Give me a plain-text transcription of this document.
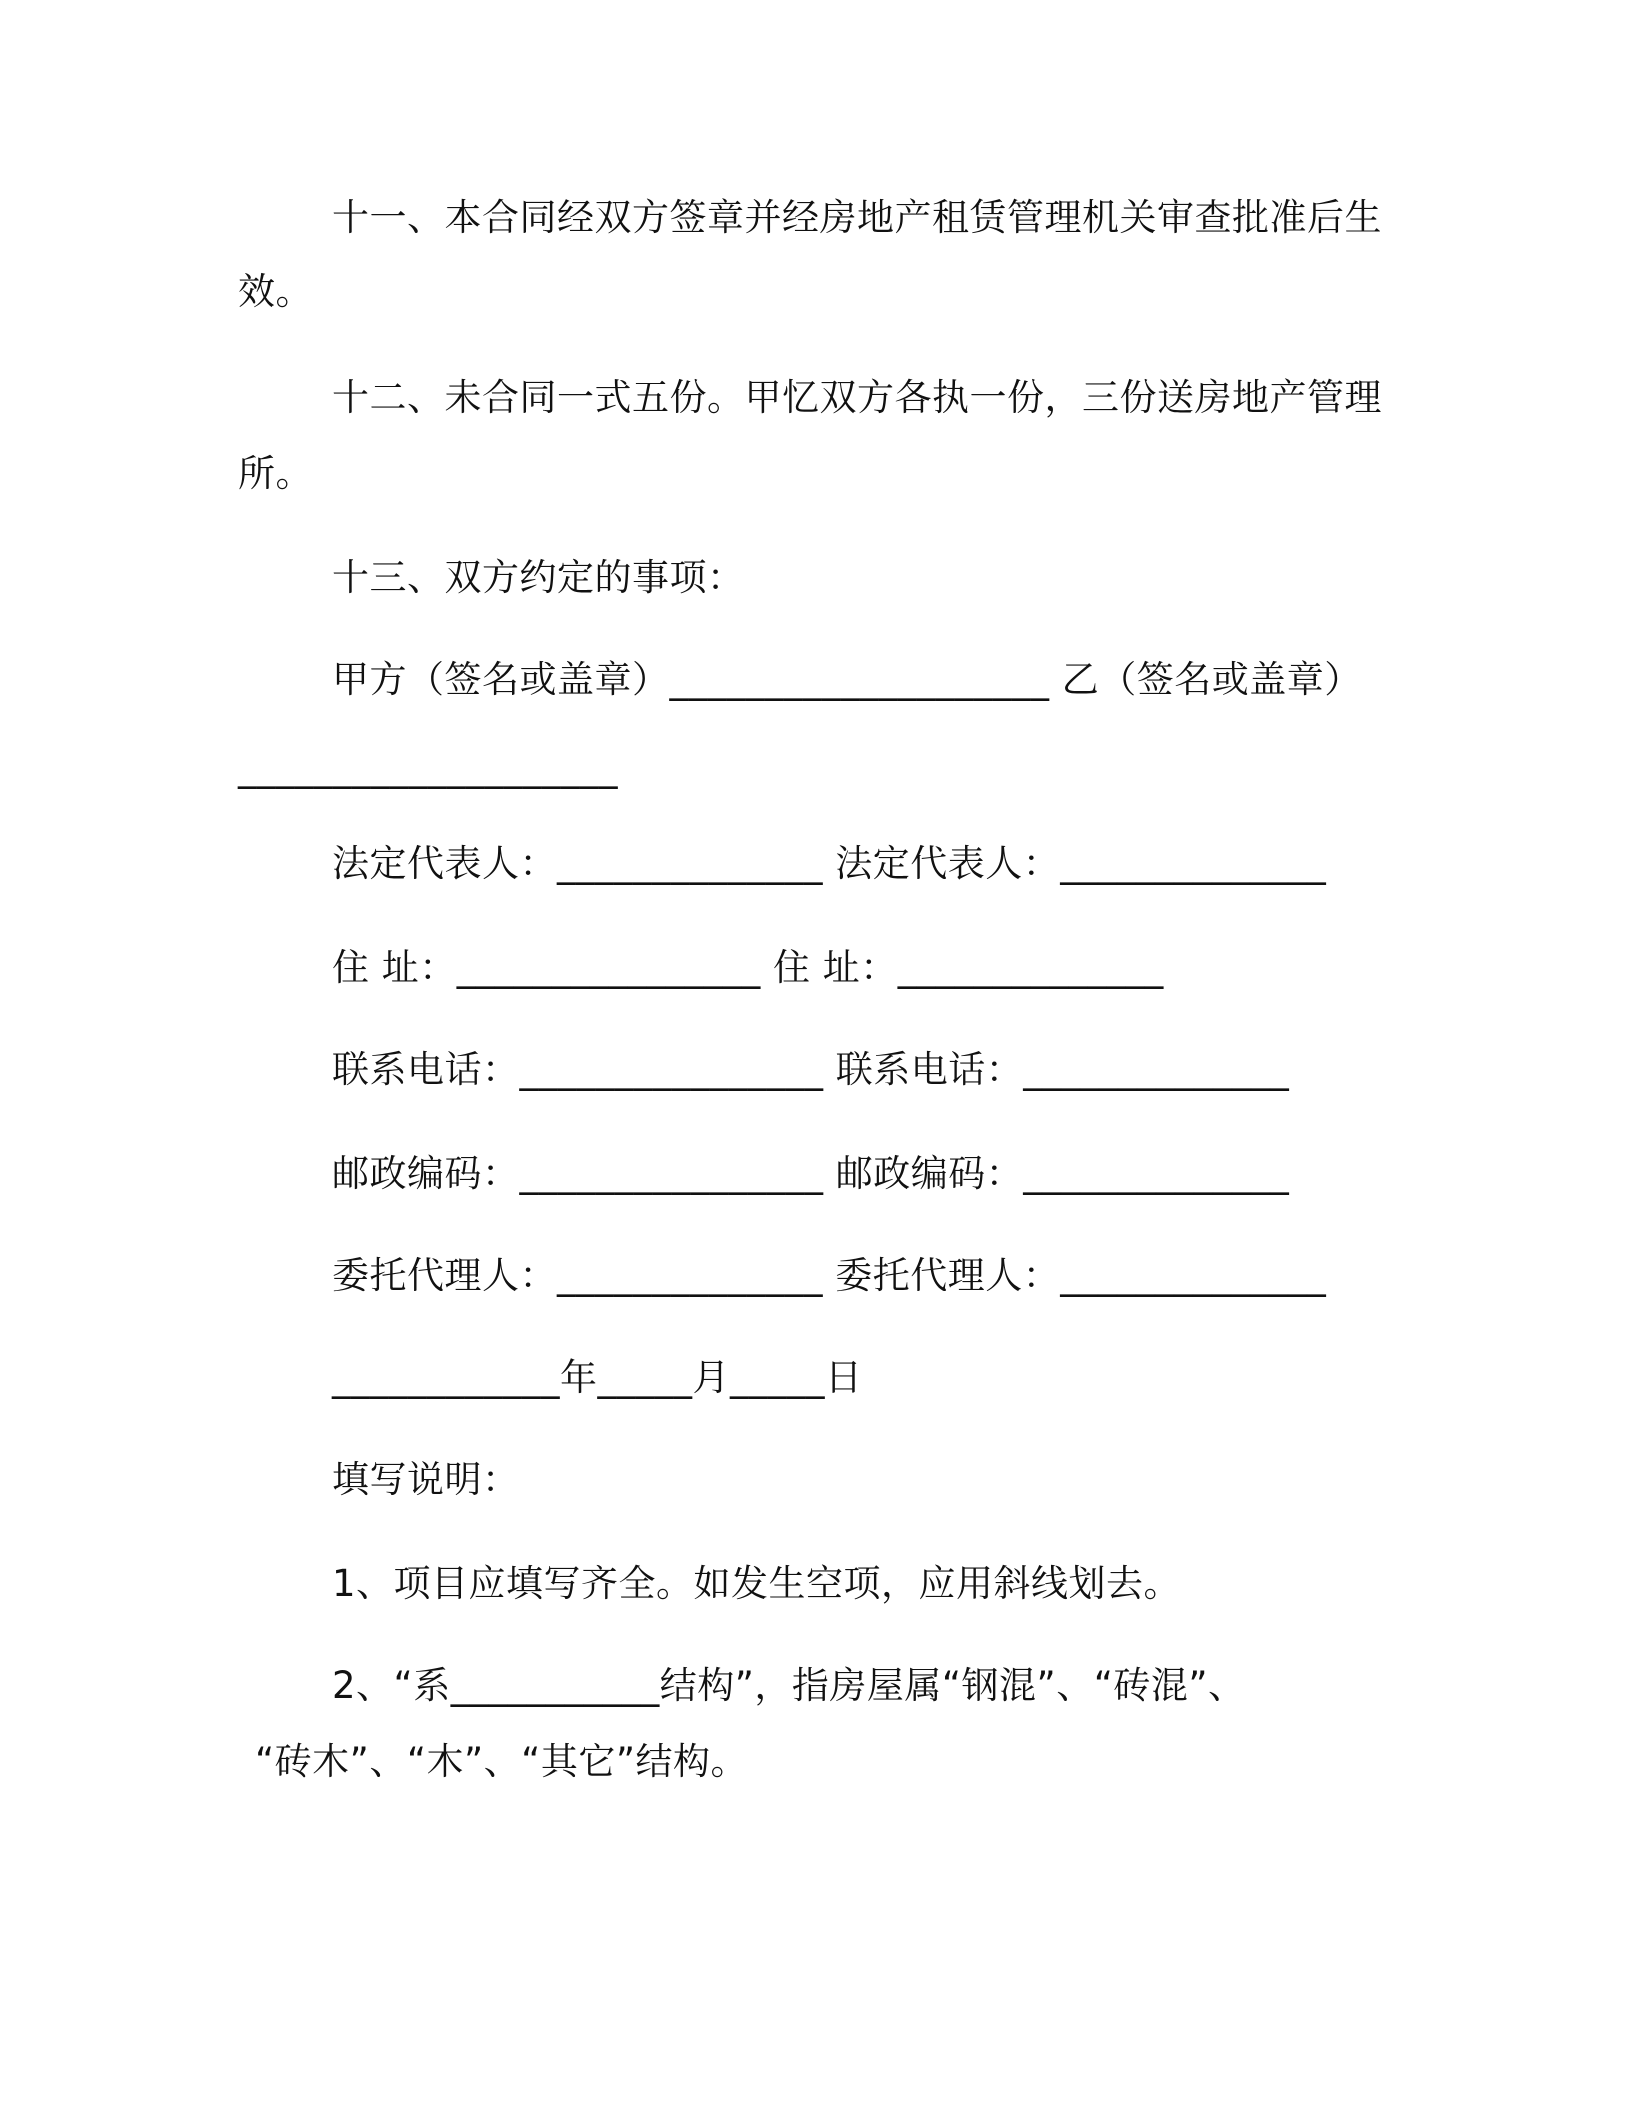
十一、本合同经双方签章并经房地产租赁管理机关审查批准后生
效。
十二、未合同一式五份。甲忆双方各执一份，三份送房地产管理
所。
十三、双方约定的事项：
甲方（签名或盖章）____________________ 乙（签名或盖章）
____________________
法定代表人：______________ 法定代表人：______________
住 址：________________ 住 址：______________
联系电话：________________ 联系电话：______________
邮政编码：________________ 邮政编码：______________
委托代理人：______________ 委托代理人：______________
____________年_____月_____日
填写说明：
1、项目应填写齐全。如发生空项，应用斜线划去。
2、“系___________结构”，指房屋属“钢混”、“砖混”、
“砖木”、“木”、“其它”结构。
